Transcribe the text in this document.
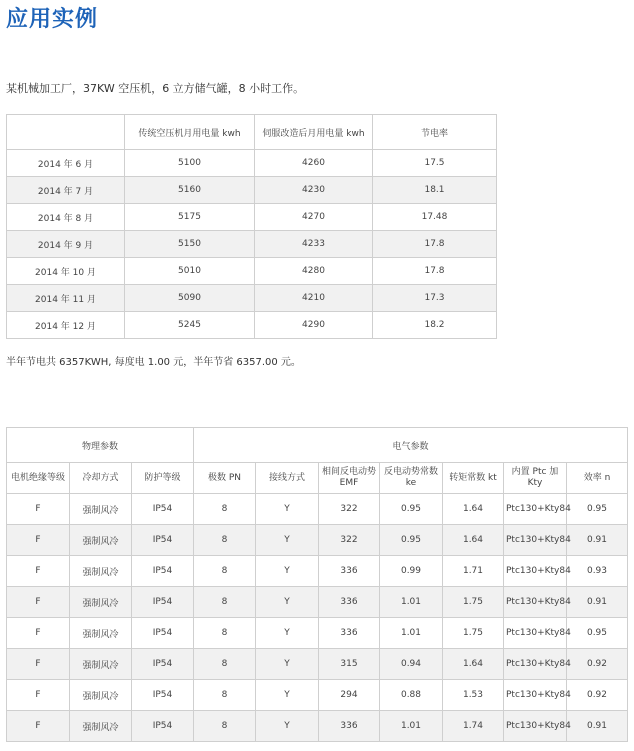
应用实例
某机械加工厂，37KW 空压机，6 立方储气罐，8 小时工作。
	传统空压机月用电量 kwh	伺服改造后月用电量 kwh	节电率
2014 年 6 月	5100	4260	17.5
2014 年 7 月	5160	4230	18.1
2014 年 8 月	5175	4270	17.48
2014 年 9 月	5150	4233	17.8
2014 年 10 月	5010	4280	17.8
2014 年 11 月	5090	4210	17.3
2014 年 12 月	5245	4290	18.2
半年节电共 6357KWH, 每度电 1.00 元，半年节省 6357.00 元。
物理参数			电气参数						
电机绝缘等级	冷却方式	防护等级	极数 PN	接线方式	相间反电动势 EMF	反电动势常数 ke	转矩常数 kt	内置 Ptc 加 Kty	效率 n
F	强制风冷	IP54	8	Y	322	0.95	1.64	Ptc130+Kty84	0.95
F	强制风冷	IP54	8	Y	322	0.95	1.64	Ptc130+Kty84	0.91
F	强制风冷	IP54	8	Y	336	0.99	1.71	Ptc130+Kty84	0.93
F	强制风冷	IP54	8	Y	336	1.01	1.75	Ptc130+Kty84	0.91
F	强制风冷	IP54	8	Y	336	1.01	1.75	Ptc130+Kty84	0.95
F	强制风冷	IP54	8	Y	315	0.94	1.64	Ptc130+Kty84	0.92
F	强制风冷	IP54	8	Y	294	0.88	1.53	Ptc130+Kty84	0.92
F	强制风冷	IP54	8	Y	336	1.01	1.74	Ptc130+Kty84	0.91
